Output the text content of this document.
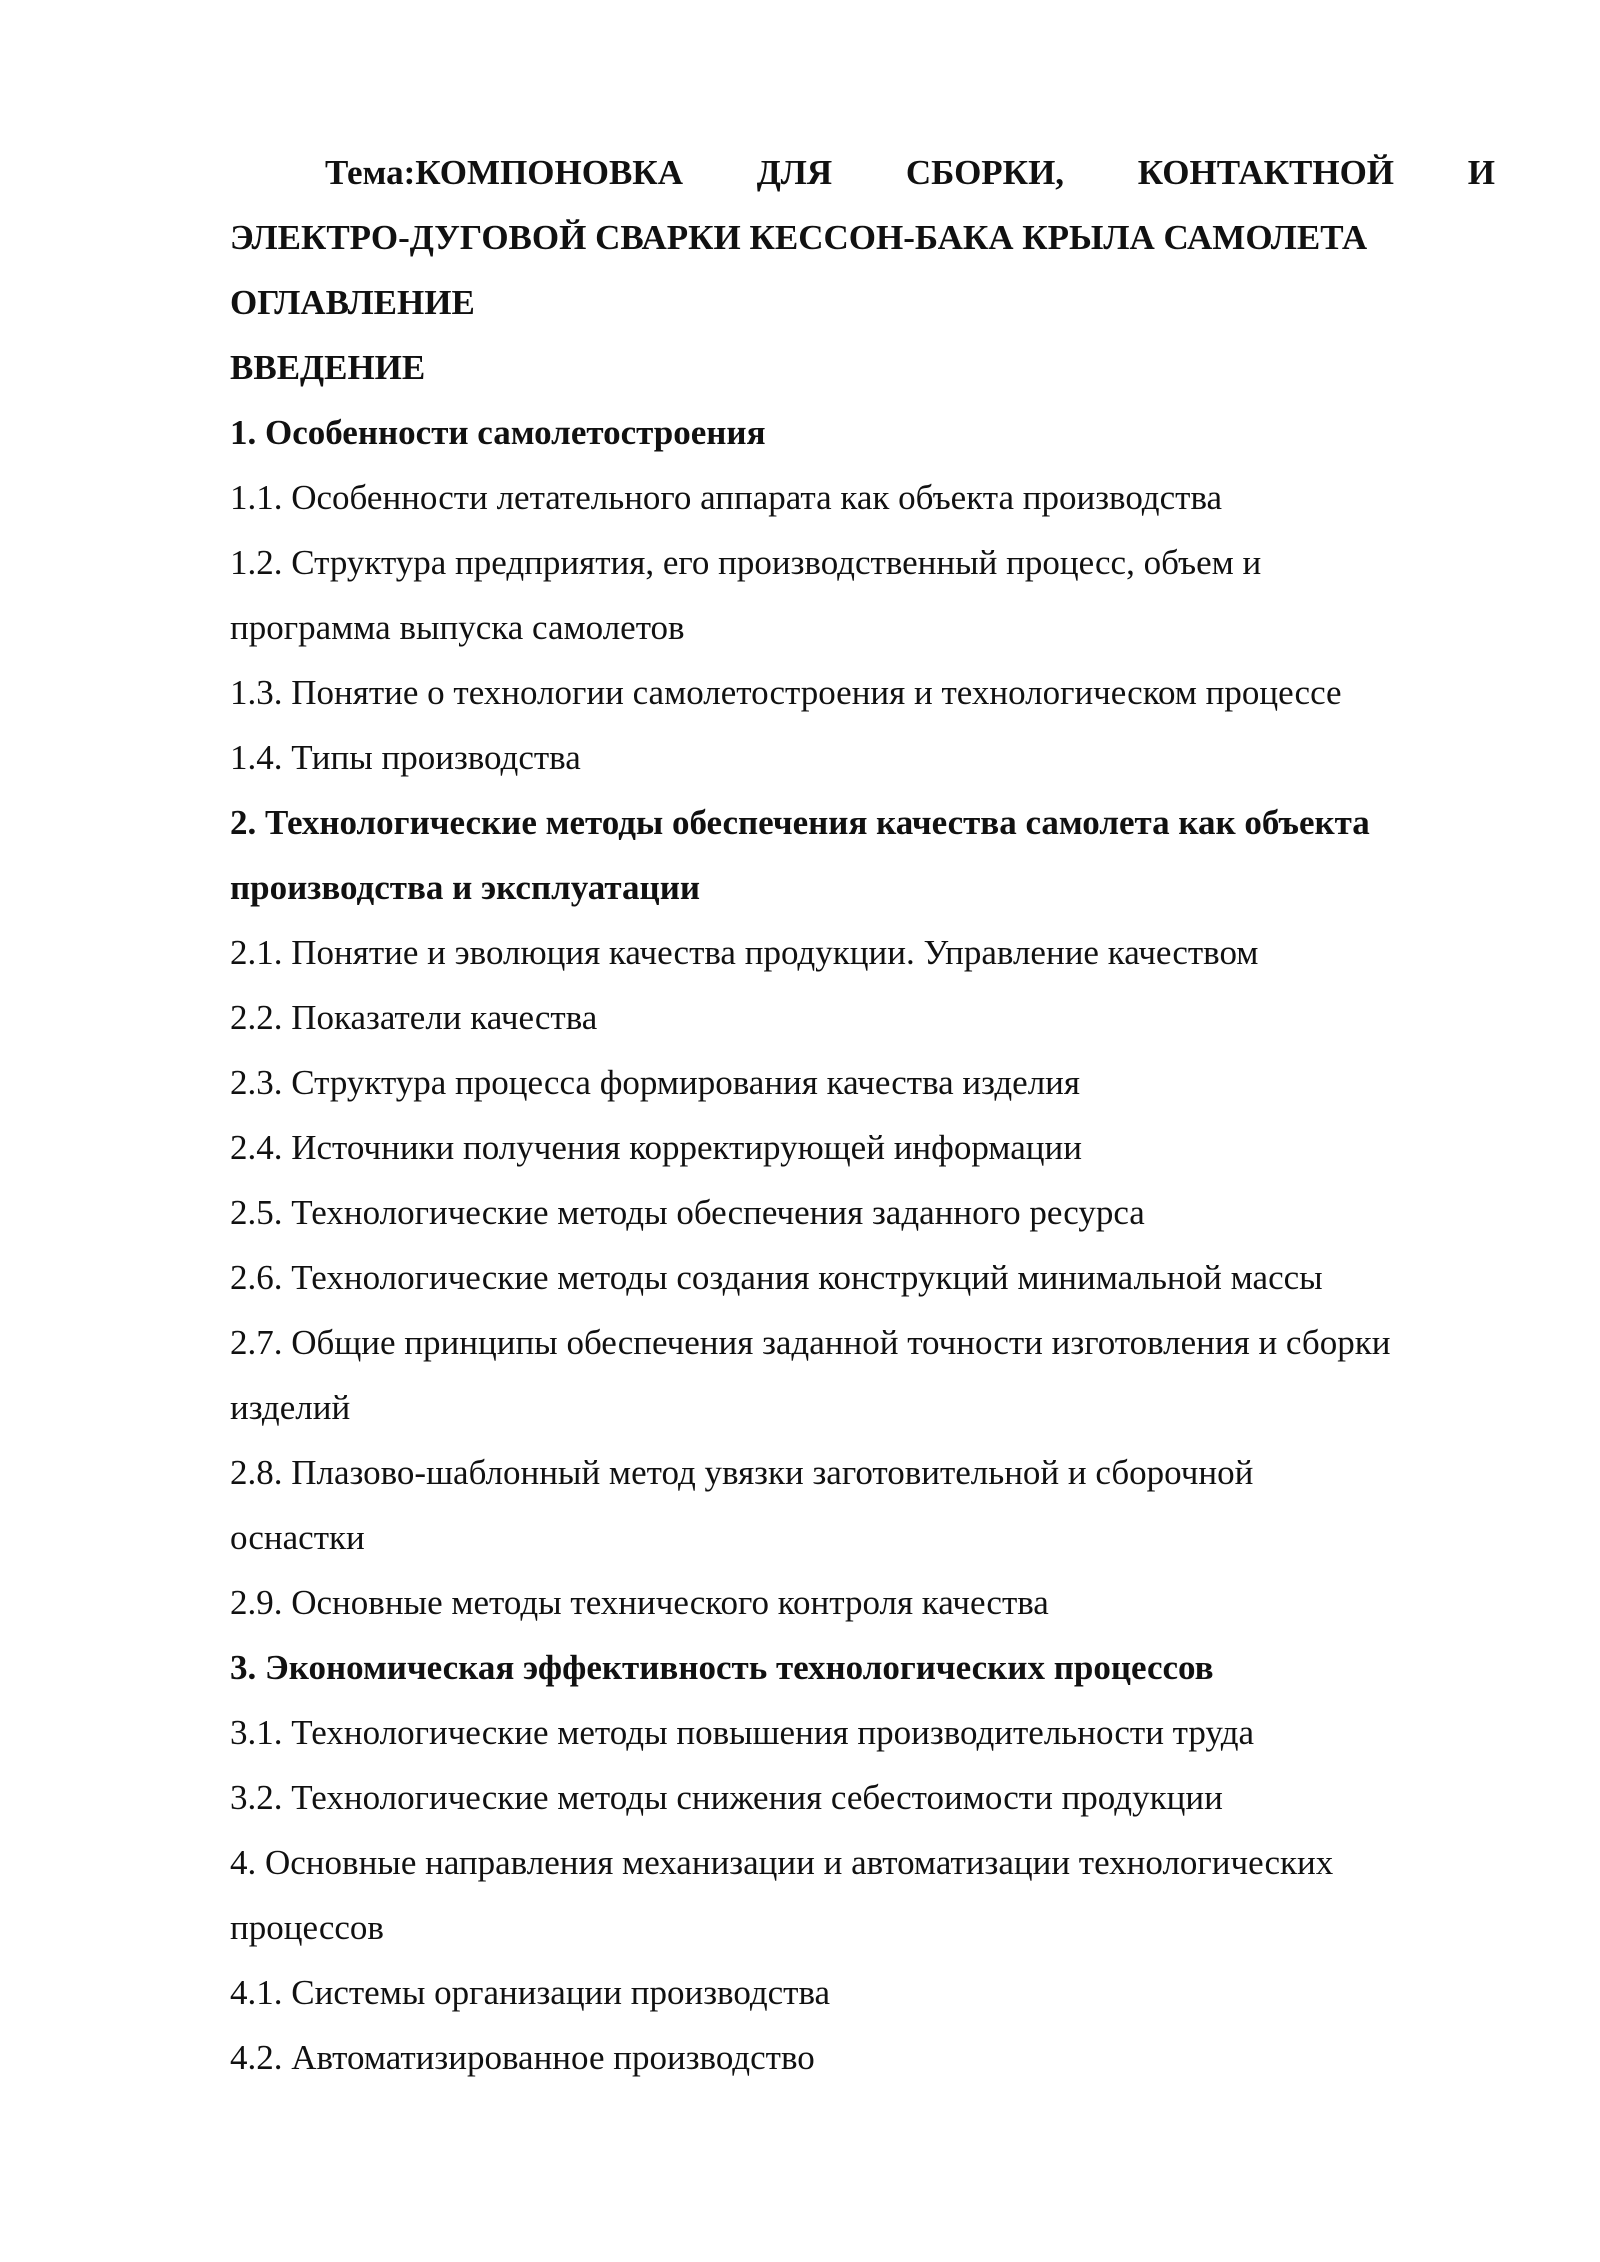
Тема:КОМПОНОВКА ДЛЯ СБОРКИ, КОНТАКТНОЙ И
ЭЛЕКТРО-ДУГОВОЙ СВАРКИ КЕССОН-БАКА КРЫЛА САМОЛЕТА
ОГЛАВЛЕНИЕ
ВВЕДЕНИЕ
1. Особенности самолетостроения
1.1. Особенности летательного аппарата как объекта производства
1.2. Структура предприятия, его производственный процесс, объем и
программа выпуска самолетов
1.3. Понятие о технологии самолетостроения и технологическом процессе
1.4. Типы производства
2. Технологические методы обеспечения качества самолета как объекта
производства и эксплуатации
2.1. Понятие и эволюция качества продукции. Управление качеством
2.2. Показатели качества
2.3. Структура процесса формирования качества изделия
2.4. Источники получения корректирующей информации
2.5. Технологические методы обеспечения заданного ресурса
2.6. Технологические методы создания конструкций минимальной массы
2.7. Общие принципы обеспечения заданной точности изготовления и сборки
изделий
2.8. Плазово-шаблонный метод увязки заготовительной и сборочной
оснастки
2.9. Основные методы технического контроля качества
3. Экономическая эффективность технологических процессов
3.1. Технологические методы повышения производительности труда
3.2. Технологические методы снижения себестоимости продукции
4. Основные направления механизации и автоматизации технологических
процессов
4.1. Системы организации производства
4.2. Автоматизированное производство
